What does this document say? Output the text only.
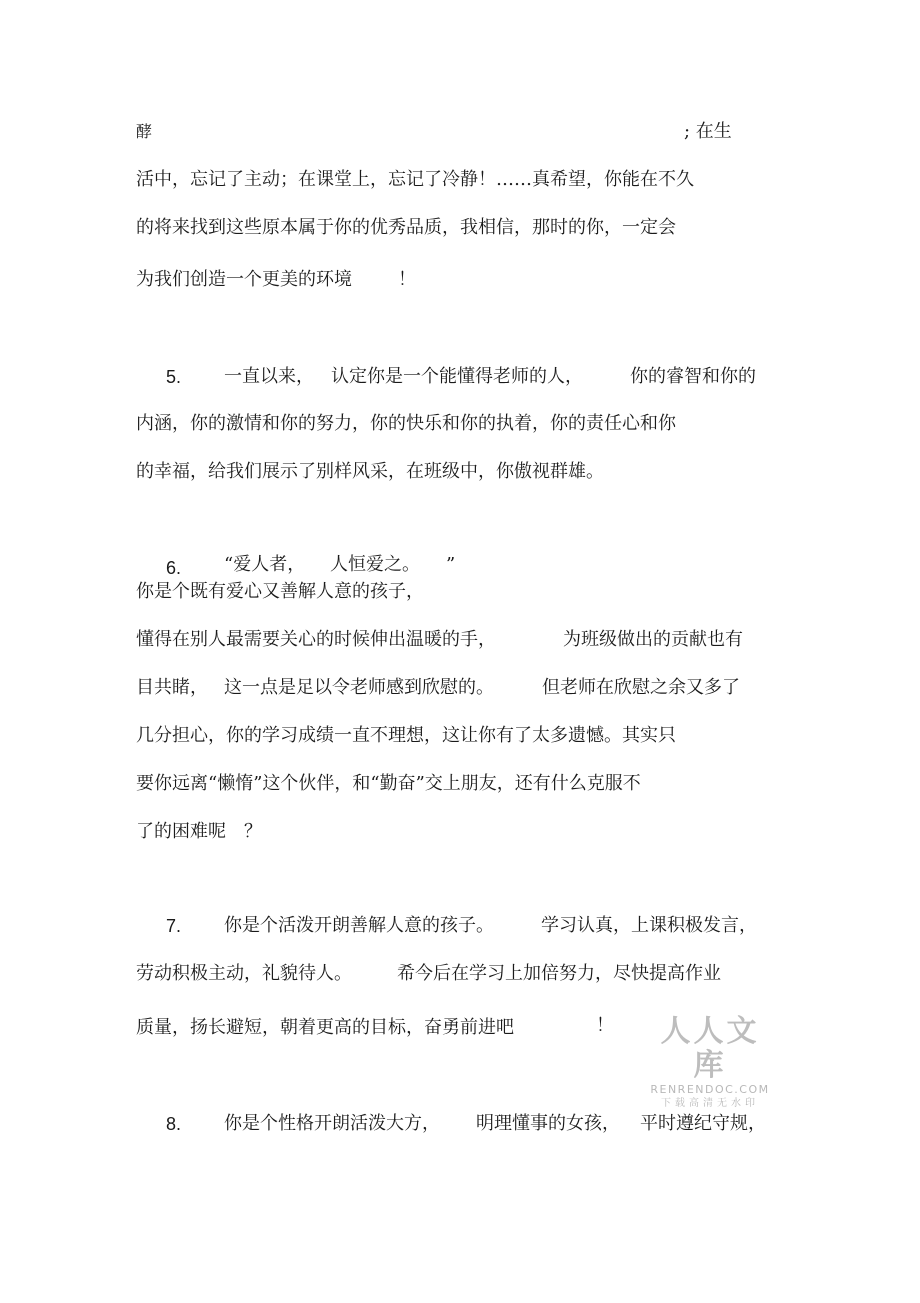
酵	; 在生
活中，忘记了主动；在课堂上，忘记了冷静！……真希望，你能在不久
的将来找到这些原本属于你的优秀品质，我相信，那时的你，一定会
为我们创造一个更美的环境	！
5. 一直以来， 认定你是一个能懂得老师的人，	你的睿智和你的
内涵，你的激情和你的努力，你的快乐和你的执着，你的责任心和你
的幸福，给我们展示了别样风采，在班级中，你傲视群雄。
6. “爱人者， 人恒爱之。 ”
你是个既有爱心又善解人意的孩子，
懂得在别人最需要关心的时候伸出温暖的手，	为班级做出的贡献也有
目共睹， 这一点是足以令老师感到欣慰的。	但老师在欣慰之余又多了
几分担心，你的学习成绩一直不理想，这让你有了太多遗憾。其实只
要你远离“懒惰”这个伙伴，和“勤奋”交上朋友，还有什么克服不
了的困难呢 ？
7. 你是个活泼开朗善解人意的孩子。	学习认真，上课积极发言，
劳动积极主动，礼貌待人。	希今后在学习上加倍努力，尽快提高作业
质量，扬长避短，朝着更高的目标，奋勇前进吧	！	人人文库
RENRENDOC.COM
下载高清无水印
8. 你是个性格开朗活泼大方， 明理懂事的女孩， 平时遵纪守规，
